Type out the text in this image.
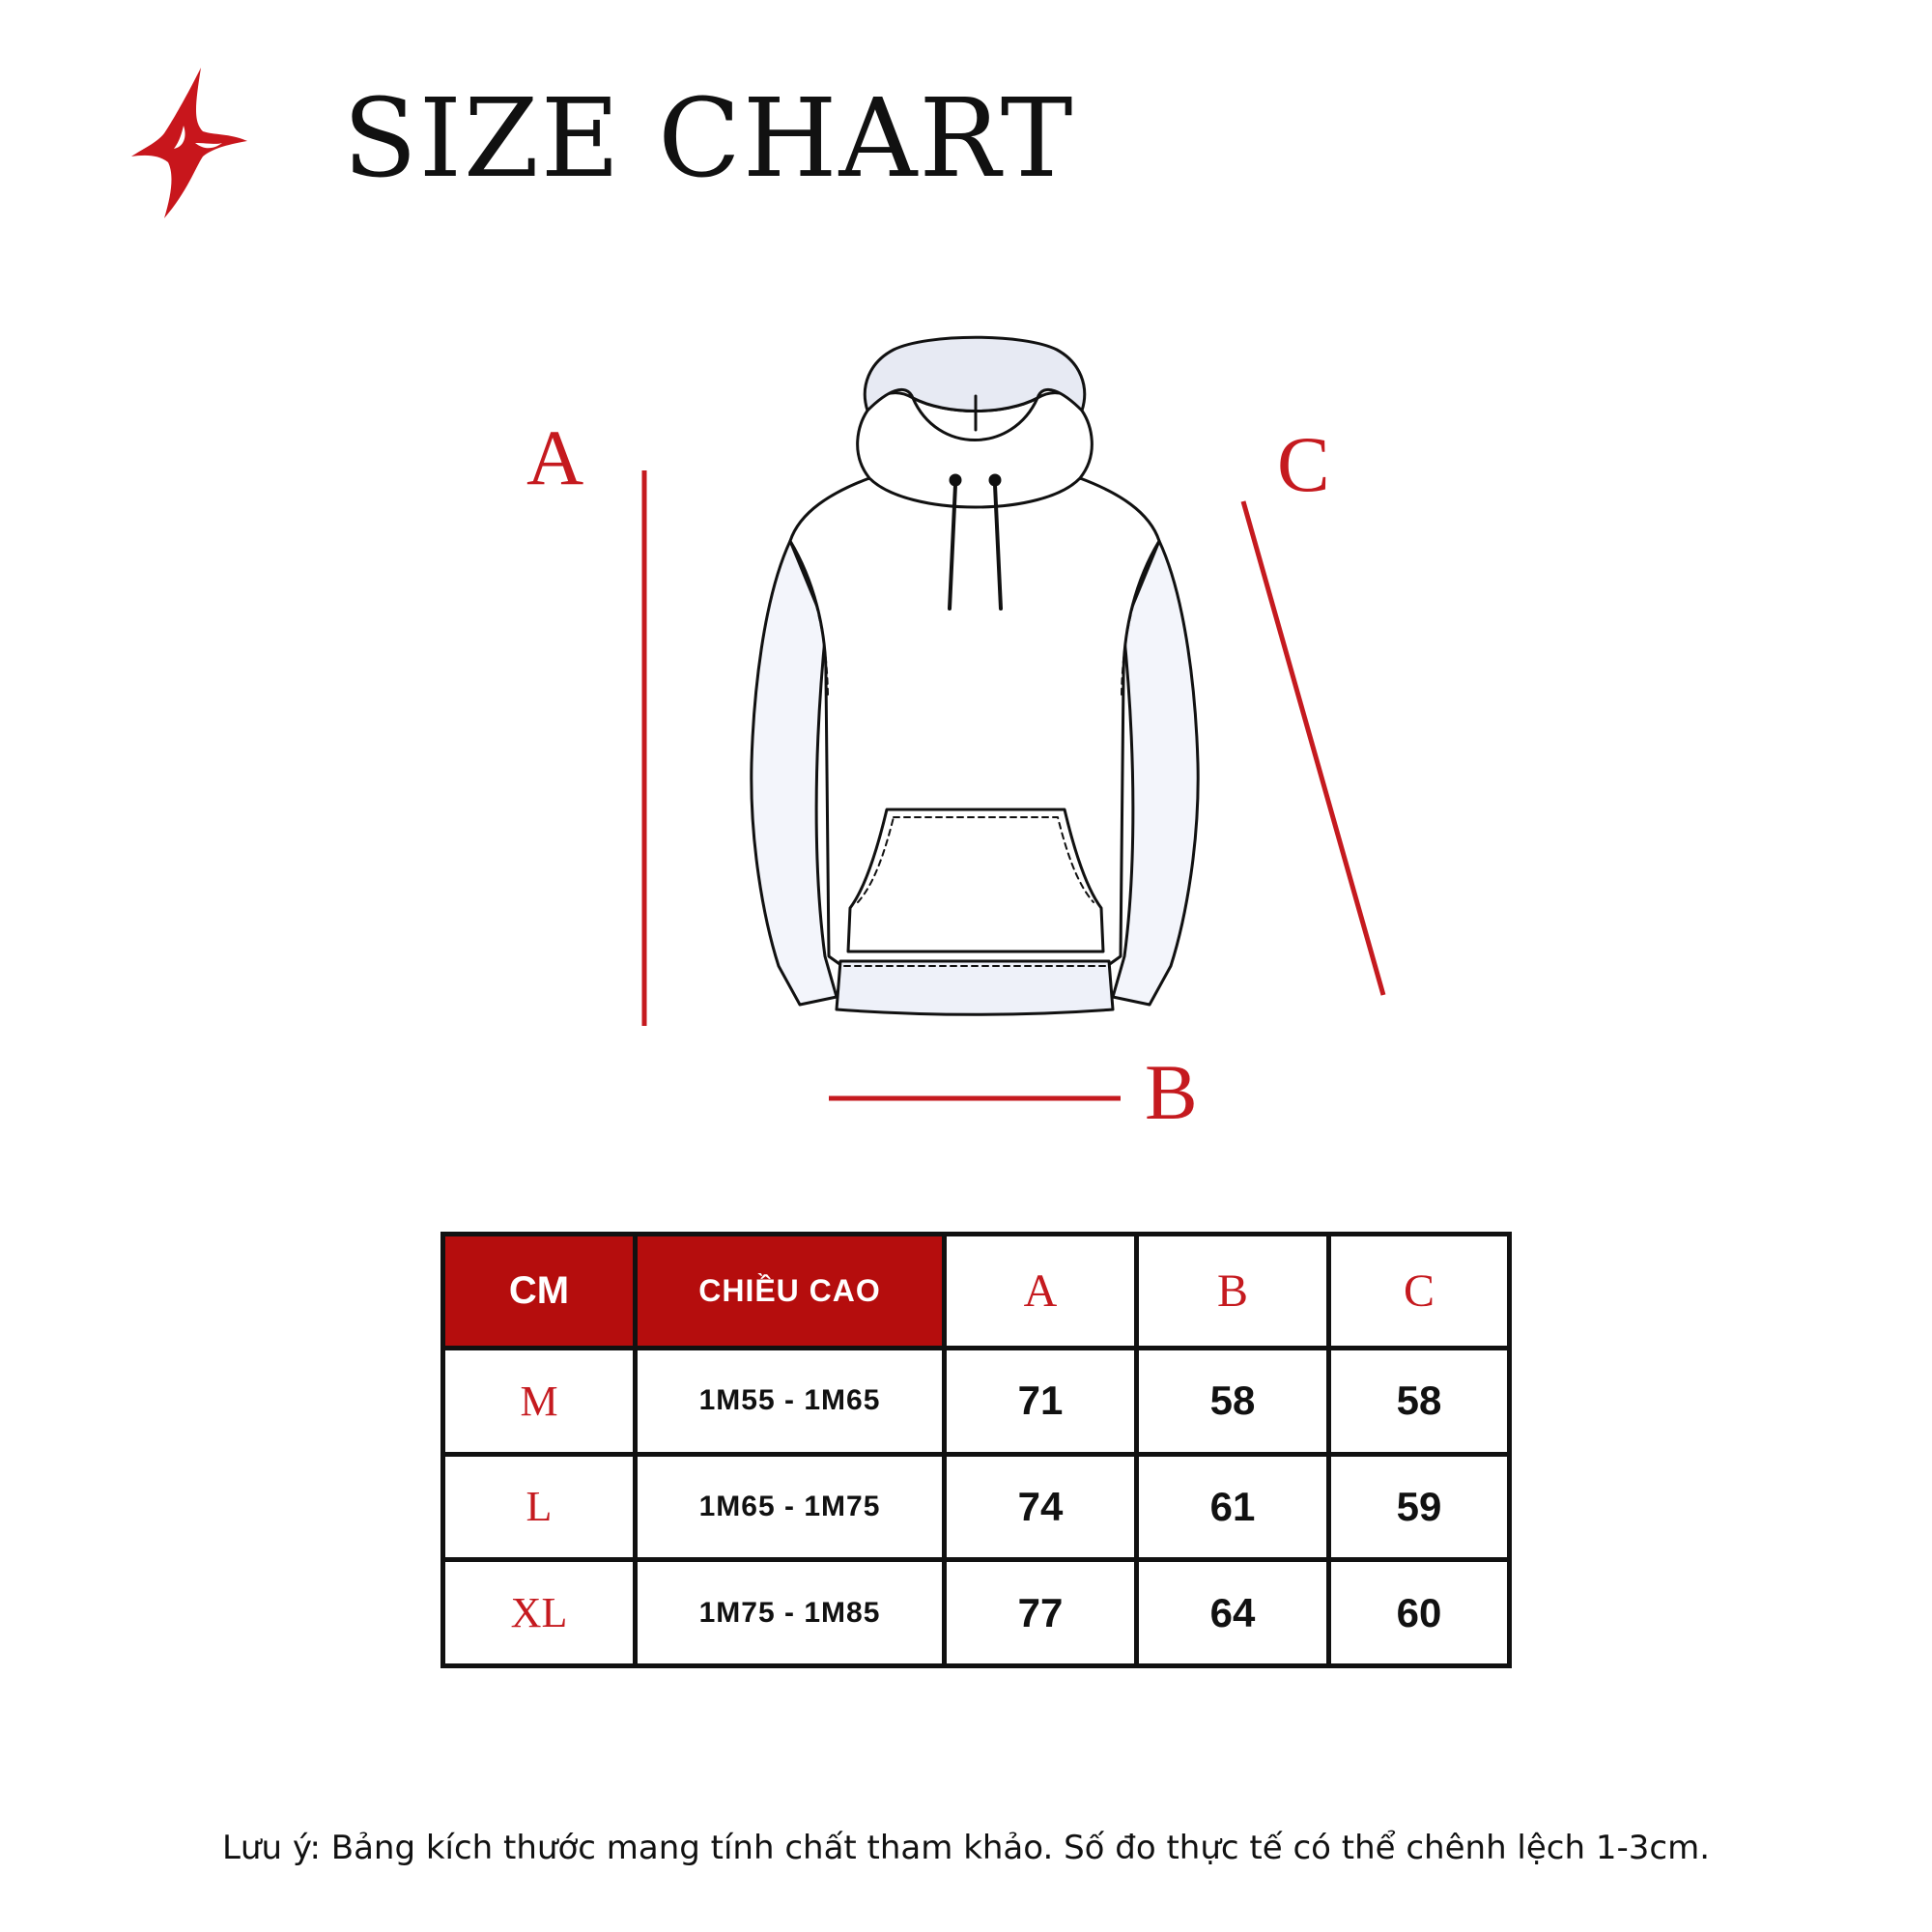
SIZE CHART
A
B
C
CM	CHIỀU CAO	A	B	C
M	1M55 - 1M65	71	58	58
L	1M65 - 1M75	74	61	59
XL	1M75 - 1M85	77	64	60
Lưu ý: Bảng kích thước mang tính chất tham khảo. Số đo thực tế có thể chênh lệch 1-3cm.
